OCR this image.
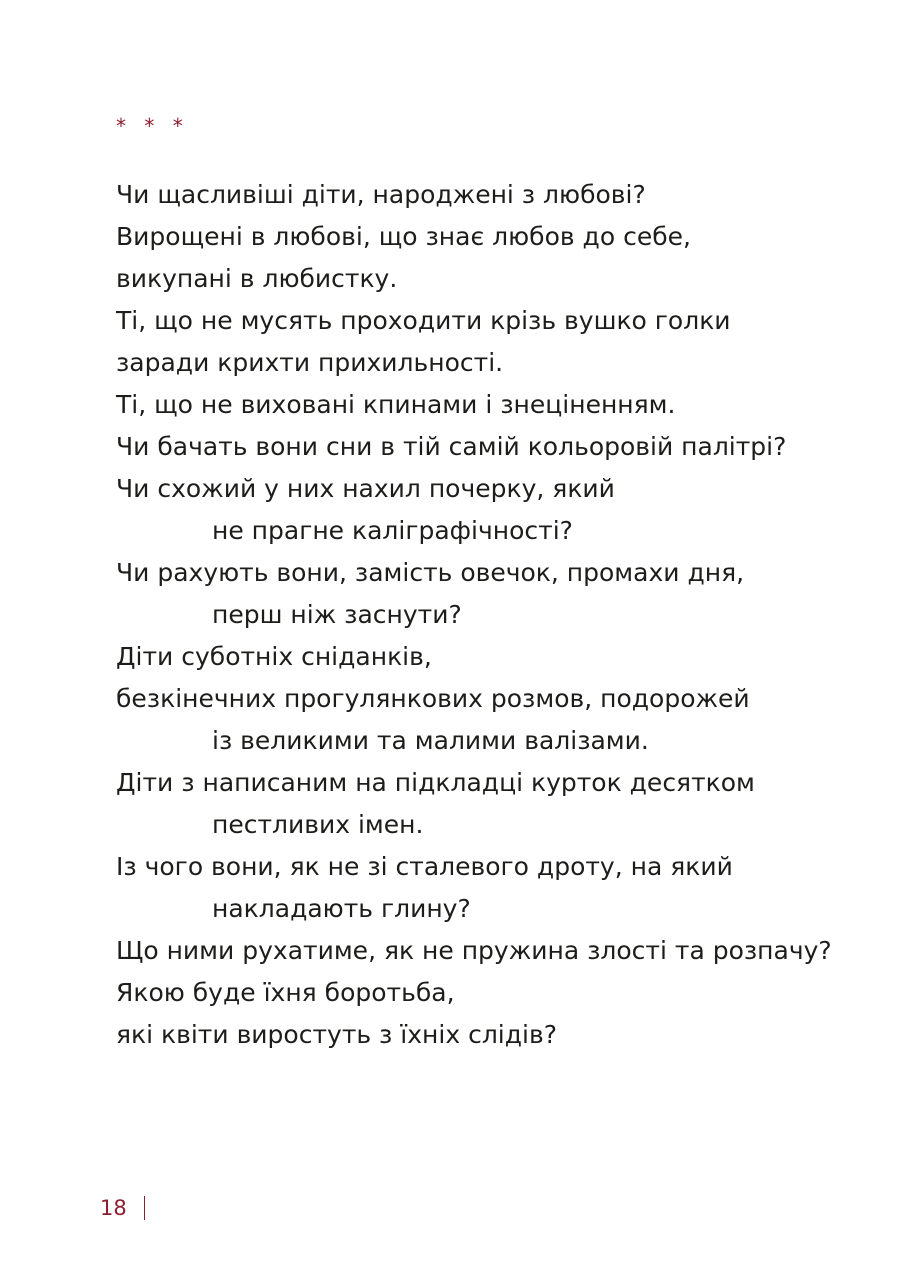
* * *
Чи щасливіші діти, народжені з любові?
Вирощені в любові, що знає любов до себе,
викупані в любистку.
Ті, що не мусять проходити крізь вушко голки
заради крихти прихильності.
Ті, що не виховані кпинами і знеціненням.
Чи бачать вони сни в тій самій кольоровій палітрі?
Чи схожий у них нахил почерку, який
не прагне каліграфічності?
Чи рахують вони, замість овечок, промахи дня,
перш ніж заснути?
Діти суботніх сніданків,
безкінечних прогулянкових розмов, подорожей
із великими та малими валізами.
Діти з написаним на підкладці курток десятком
пестливих імен.
Із чого вони, як не зі сталевого дроту, на який
накладають глину?
Що ними рухатиме, як не пружина злості та розпачу?
Якою буде їхня боротьба,
які квіти виростуть з їхніх слідів?
18
